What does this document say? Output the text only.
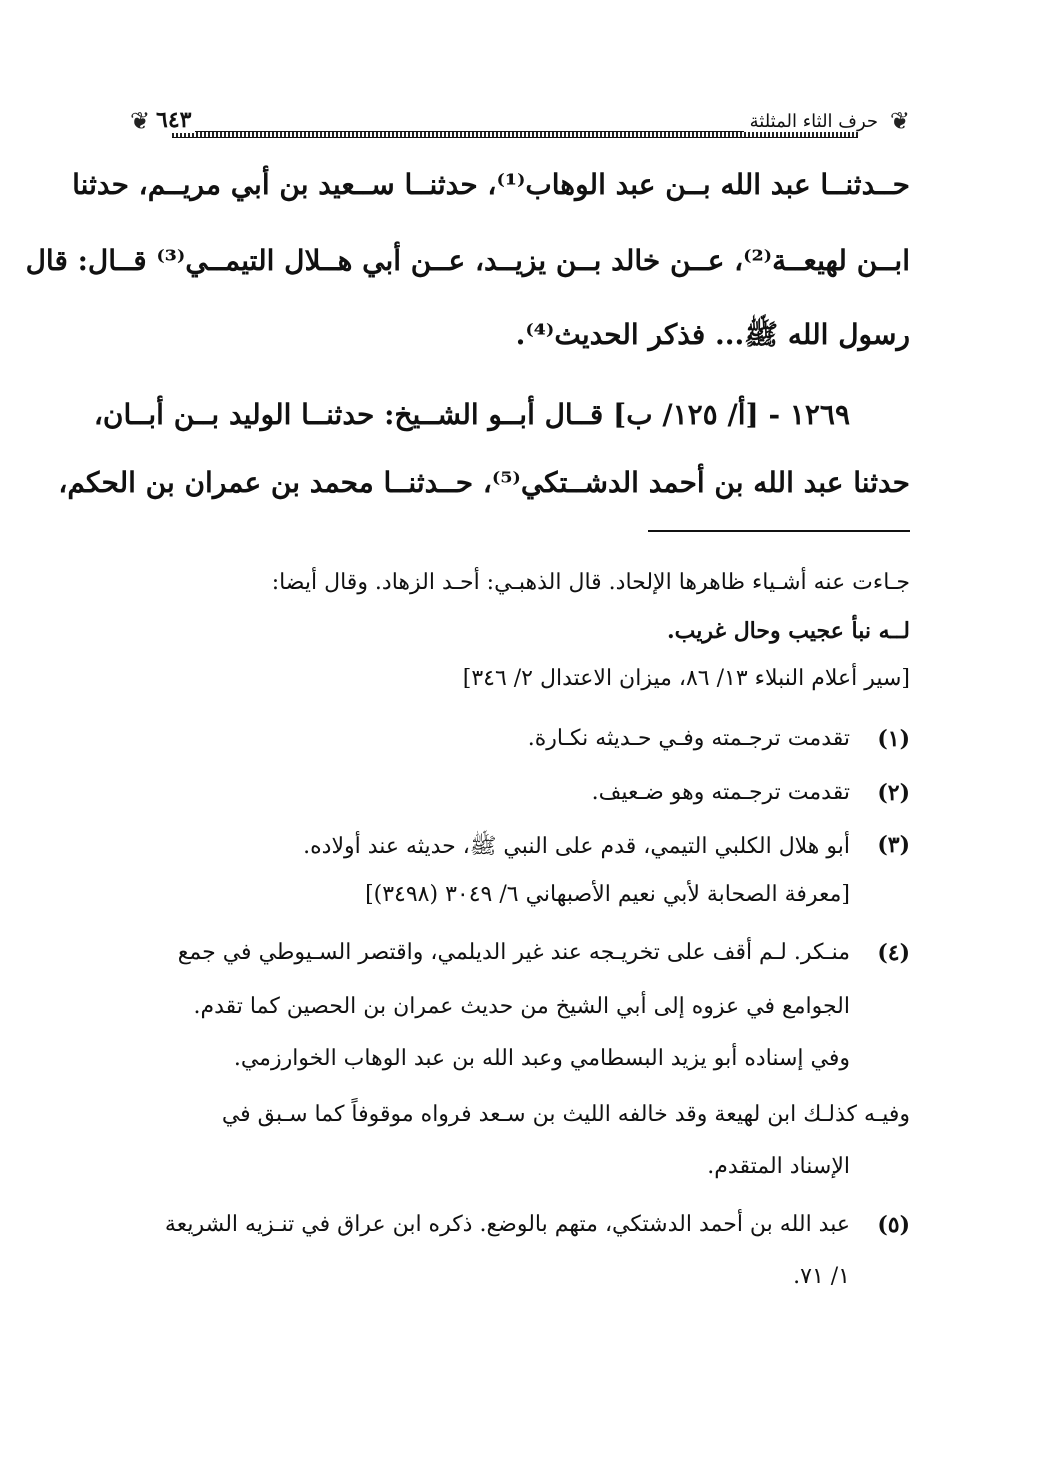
❦
❦	حرف الثاء المثلثة
٦٤٣
حــدثنــا عبد الله بــن عبد الوهاب⁽¹⁾، حدثنــا ســعيد بن أبي مريــم، حدثنا
ابــن لهيعــة⁽²⁾، عــن خالد بــن يزيــد، عــن أبي هــلال التيمــي⁽³⁾ قــال: قال
رسول الله ﷺ... فذكر الحديث⁽⁴⁾.
١٢٦٩ - [أ/ ١٢٥/ ب] قــال أبــو الشــيخ: حدثنــا الوليد بــن أبــان،
حدثنا عبد الله بن أحمد الدشــتكي⁽⁵⁾، حــدثنــا محمد بن عمران بن الحكم،
جـاءت عنه أشـياء ظاهرها الإلحاد. قال الذهبـي: أحـد الزهاد. وقال أيضا:
لــه نبأ عجيب وحال غريب.
[سير أعلام النبلاء ١٣/ ٨٦، ميزان الاعتدال ٢/ ٣٤٦]
(١)
تقدمت ترجـمته وفـي حـديثه نكـارة.
(٢)
تقدمت ترجـمته وهو ضـعيف.
(٣)
أبو هلال الكلبي التيمي، قدم على النبي ﷺ، حديثه عند أولاده.
[معرفة الصحابة لأبي نعيم الأصبهاني ٦/ ٣٠٤٩ (٣٤٩٨)]
(٤)
منـكر. لـم أقف على تخريـجه عند غير الديلمي، واقتصر السـيوطي في جمع
الجوامع في عزوه إلى أبي الشيخ من حديث عمران بن الحصين كما تقدم.
وفي إسناده أبو يزيد البسطامي وعبد الله بن عبد الوهاب الخوارزمي.
وفيـه كذلـك ابن لهيعة وقد خالفه الليث بن سـعد فرواه موقوفاً كما سـبق في
الإسناد المتقدم.
(٥)
عبد الله بن أحمد الدشتكي، متهم بالوضع. ذكره ابن عراق في تنـزيه الشريعة
١/ ٧١.
